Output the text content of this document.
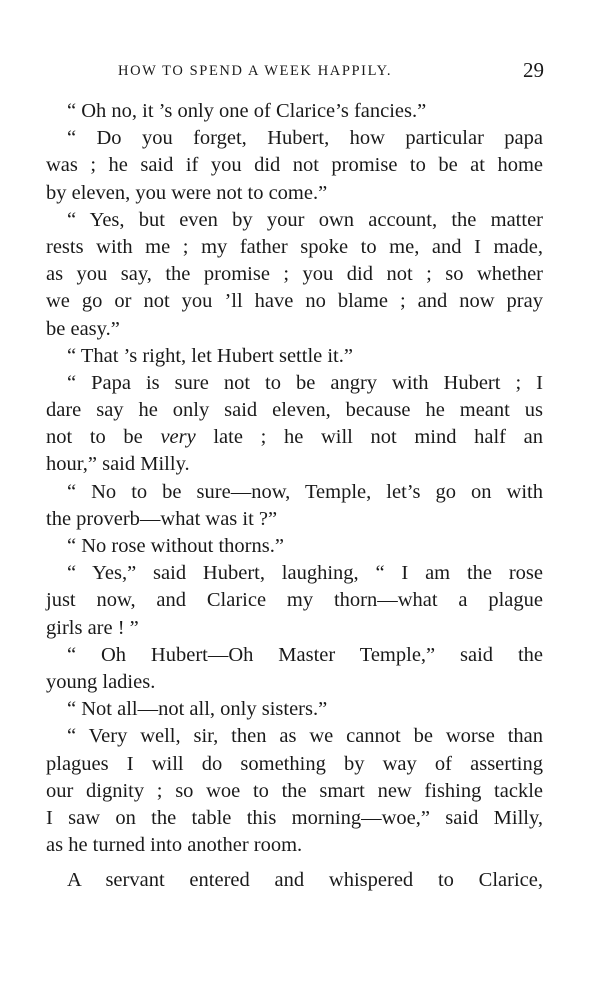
HOW TO SPEND A WEEK HAPPILY.	29
“ Oh no, it ’s only one of Clarice’s fancies.”
“ Do you forget, Hubert, how particular papa
was ; he said if you did not promise to be at home
by eleven, you were not to come.”
“ Yes, but even by your own account, the matter
rests with me ; my father spoke to me, and I made,
as you say, the promise ; you did not ; so whether
we go or not you ’ll have no blame ; and now pray
be easy.”
“ That ’s right, let Hubert settle it.”
“ Papa is sure not to be angry with Hubert ; I
dare say he only said eleven, because he meant us
not to be very late ; he will not mind half an
hour,” said Milly.
“ No to be sure—now, Temple, let’s go on with
the proverb—what was it ?”
“ No rose without thorns.”
“ Yes,” said Hubert, laughing, “ I am the rose
just now, and Clarice my thorn—what a plague
girls are ! ”
“ Oh Hubert—Oh Master Temple,” said the
young ladies.
“ Not all—not all, only sisters.”
“ Very well, sir, then as we cannot be worse than
plagues I will do something by way of asserting
our dignity ; so woe to the smart new fishing tackle
I saw on the table this morning—woe,” said Milly,
as he turned into another room.
A servant entered and whispered to Clarice,
